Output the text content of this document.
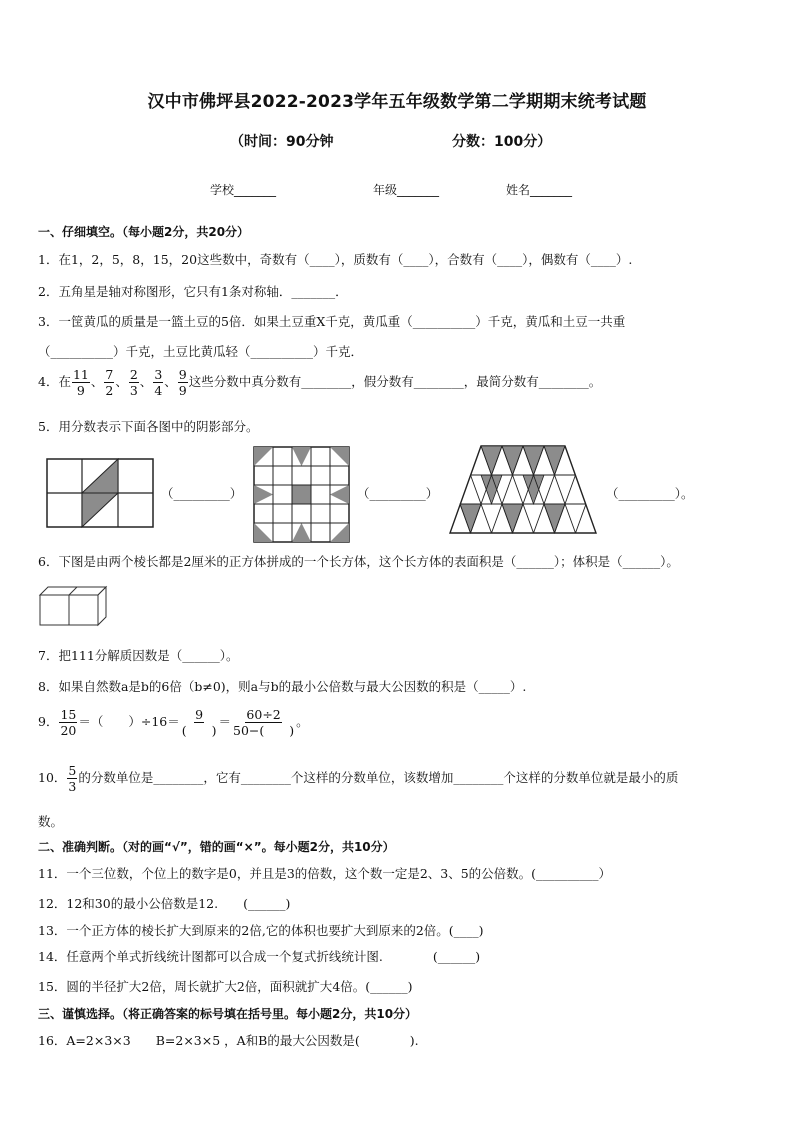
汉中市佛坪县2022-2023学年五年级数学第二学期期末统考试题
（时间：90分钟	分数：100分）
学校_______	年级_______	姓名_______
一、仔细填空。（每小题2分，共20分）
1．在1，2，5，8，15，20这些数中，奇数有（____），质数有（____），合数有（____），偶数有（____）.
2．五角星是轴对称图形，它只有1条对称轴．_______．
3．一筐黄瓜的质量是一篮土豆的5倍．如果土豆重X千克，黄瓜重（__________）千克，黄瓜和土豆一共重
（__________）千克，土豆比黄瓜轻（__________）千克．
4．在 $\frac{11}{9}$ 、 $\frac{7}{2}$ 、 $\frac{2}{3}$ 、 $\frac{3}{4}$ 、 $\frac{9}{9}$ 这些分数中真分数有________，假分数有________，最简分数有________。
5．用分数表示下面各图中的阴影部分。
（_________）	（_________）	（_________）。
6．下图是由两个棱长都是2厘米的正方体拼成的一个长方体，这个长方体的表面积是（______）；体积是（______）。
7．把111分解质因数是（______）。
8．如果自然数a是b的6倍（b≠0)，则a与b的最小公倍数与最大公因数的积是（_____）.
9． $\frac{15}{20}$ ＝（　　）$\div 16= \frac{9}{( )} = \frac{60\div 2}{50-( )}$ 。
10． $\frac{5}{3}$ 的分数单位是________，它有________个这样的分数单位，该数增加________个这样的分数单位就是最小的质
数。
二、准确判断。（对的画“√”，错的画“×”。每小题2分，共10分）
11．一个三位数，个位上的数字是0，并且是3的倍数，这个数一定是2、3、5的公倍数。(__________）
12．12和30的最小公倍数是12.　　(______)
13．一个正方体的棱长扩大到原来的2倍,它的体积也要扩大到原来的2倍。(____)
14．任意两个单式折线统计图都可以合成一个复式折线统计图.　　　　(______)
15．圆的半径扩大2倍，周长就扩大2倍，面积就扩大4倍。(______)
三、谨慎选择。（将正确答案的标号填在括号里。每小题2分，共10分）
16．A=2×3×3　　B=2×3×5 ，A和B的最大公因数是(　　　　).
